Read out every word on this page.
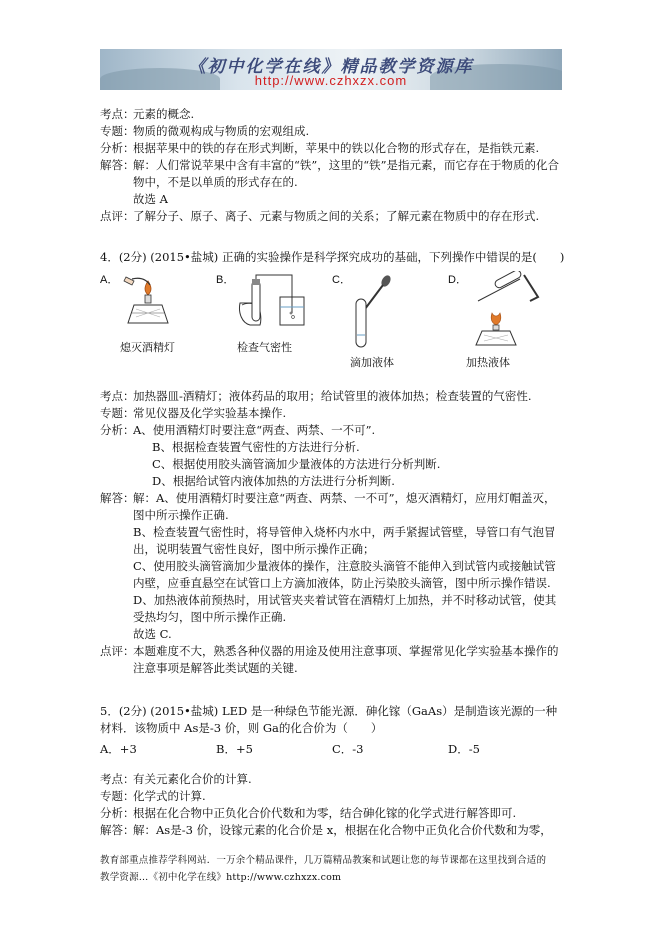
《初中化学在线》精品教学资源库
http://www.czhxzx.com
考点：
元素的概念.
专题：
物质的微观构成与物质的宏观组成.
分析：
根据苹果中的铁的存在形式判断，苹果中的铁以化合物的形式存在，是指铁元素.
解答：
解：人们常说苹果中含有丰富的“铁”，这里的“铁”是指元素，而它存在于物质的化合
物中，不是以单质的形式存在的.
故选 A
点评：
了解分子、原子、离子、元素与物质之间的关系；了解元素在物质中的存在形式.
4．(2分) (2015•盐城) 正确的实验操作是科学探究成功的基础，下列操作中错误的是(　　)
A．	B．	C．	D．
熄灭酒精灯	检查气密性
滴加液体	加热液体
考点：
加热器皿-酒精灯；液体药品的取用；给试管里的液体加热；检查装置的气密性.
专题：
常见仪器及化学实验基本操作.
分析：
A、使用酒精灯时要注意“两查、两禁、一不可”.
B、根据检查装置气密性的方法进行分析.
C、根据使用胶头滴管滴加少量液体的方法进行分析判断.
D、根据给试管内液体加热的方法进行分析判断.
解答：
解：A、使用酒精灯时要注意“两查、两禁、一不可”，熄灭酒精灯，应用灯帽盖灭，
图中所示操作正确.
B、检查装置气密性时，将导管伸入烧杯内水中，两手紧握试管壁，导管口有气泡冒
出，说明装置气密性良好，图中所示操作正确；
C、使用胶头滴管滴加少量液体的操作，注意胶头滴管不能伸入到试管内或接触试管
内壁，应垂直悬空在试管口上方滴加液体，防止污染胶头滴管，图中所示操作错误.
D、加热液体前预热时，用试管夹夹着试管在酒精灯上加热，并不时移动试管，使其
受热均匀，图中所示操作正确.
故选 C.
点评：
本题难度不大，熟悉各种仪器的用途及使用注意事项、掌握常见化学实验基本操作的
注意事项是解答此类试题的关键.
5．(2分) (2015•盐城) LED 是一种绿色节能光源．砷化镓（GaAs）是制造该光源的一种
材料．该物质中 As是-3 价，则 Ga的化合价为（　　）
A．+3	B．+5	C．-3	D．-5
考点：
有关元素化合价的计算.
专题：
化学式的计算.
分析：
根据在化合物中正负化合价代数和为零，结合砷化镓的化学式进行解答即可.
解答：
解：As是-3 价，设镓元素的化合价是 x，根据在化合物中正负化合价代数和为零，
教育部重点推荐学科网站．一万余个精品课件，几万篇精品教案和试题让您的每节课都在这里找到合适的
教学资源…《初中化学在线》http://www.czhxzx.com
